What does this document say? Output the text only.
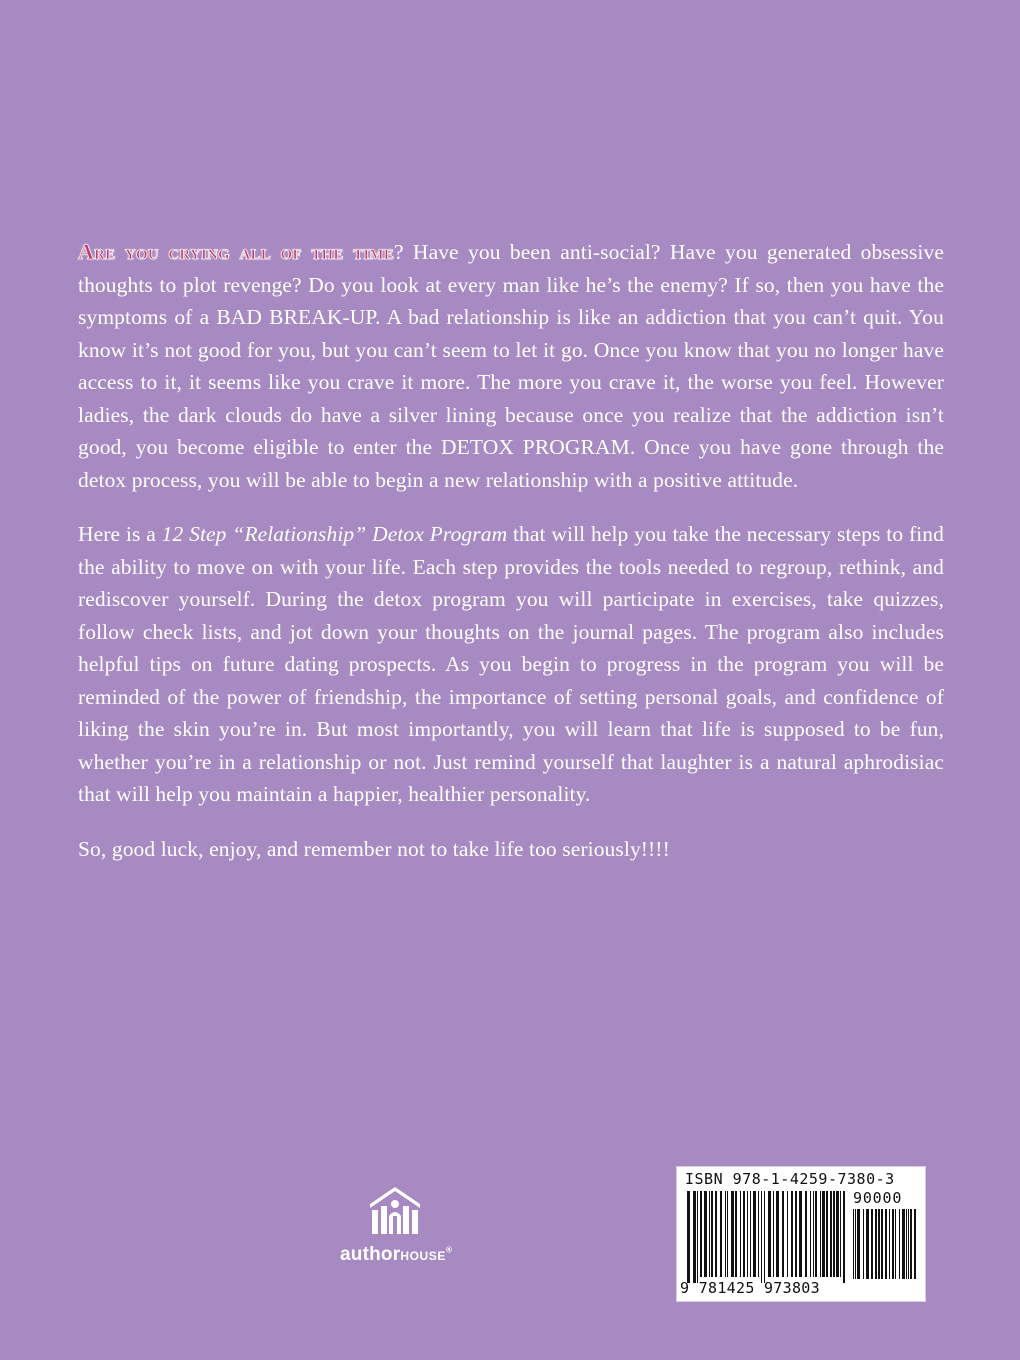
Are you crying all of the time? Have you been anti-social? Have you generated obsessive thoughts to plot revenge? Do you look at every man like he’s the enemy? If so, then you have the symptoms of a BAD BREAK-UP. A bad relationship is like an addiction that you can’t quit. You know it’s not good for you, but you can’t seem to let it go. Once you know that you no longer have access to it, it seems like you crave it more. The more you crave it, the worse you feel. However ladies, the dark clouds do have a silver lining because once you realize that the addiction isn’t good, you become eligible to enter the DETOX PROGRAM. Once you have gone through the detox process, you will be able to begin a new relationship with a positive attitude.

Here is a 12 Step “Relationship” Detox Program that will help you take the necessary steps to find the ability to move on with your life. Each step provides the tools needed to regroup, rethink, and rediscover yourself. During the detox program you will participate in exercises, take quizzes, follow check lists, and jot down your thoughts on the journal pages. The program also includes helpful tips on future dating prospects. As you begin to progress in the program you will be reminded of the power of friendship, the importance of setting personal goals, and confidence of liking the skin you’re in. But most importantly, you will learn that life is supposed to be fun, whether you’re in a relationship or not. Just remind yourself that laughter is a natural aphrodisiac that will help you maintain a happier, healthier personality.

So, good luck, enjoy, and remember not to take life too seriously!!!!

authorHOUSE®
ISBN 978-1-4259-7380-3
90000
9 781425 973803
